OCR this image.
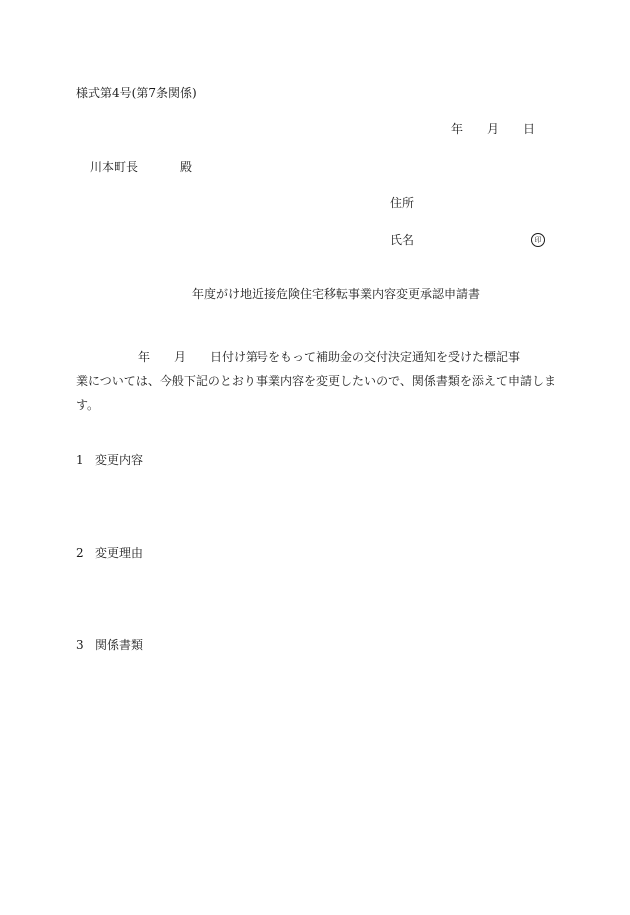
様式第4号(第7条関係)
年 月 日
川本町長	殿
住所
氏名	印
年度がけ地近接危険住宅移転事業内容変更承認申請書
年 月 日付け第号をもって補助金の交付決定通知を受けた標記事
業については、今般下記のとおり事業内容を変更したいので、関係書類を添えて申請します。
1 変更内容
2 変更理由
3 関係書類
